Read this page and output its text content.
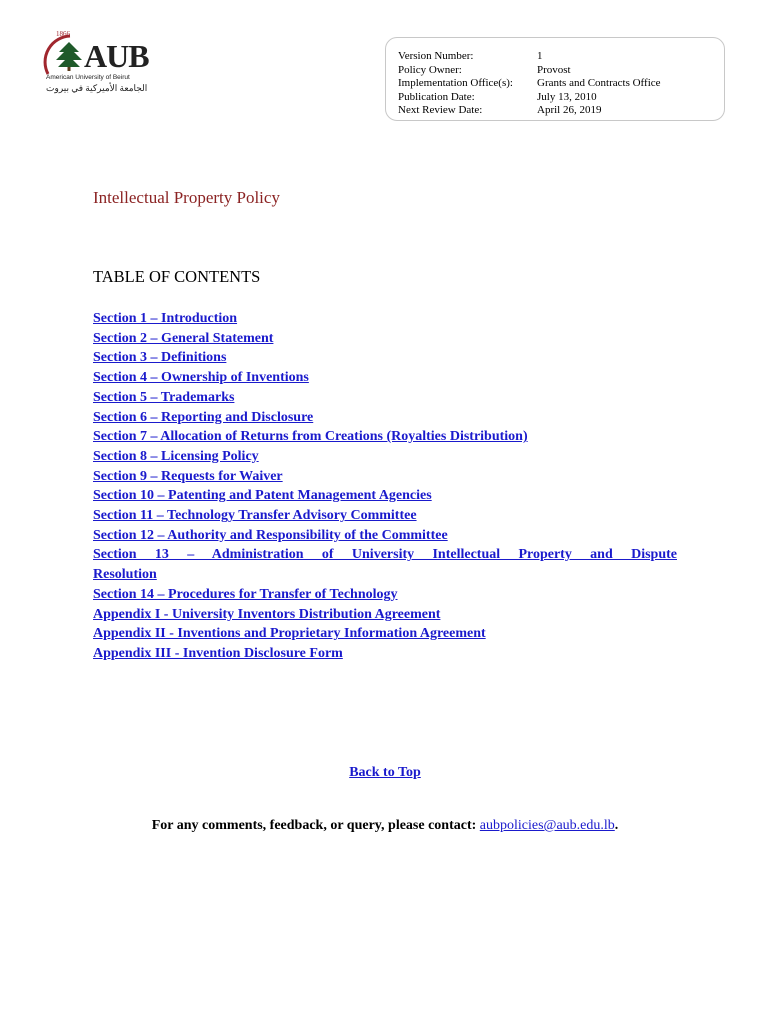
1866
AUB
American University of Beirut
الجامعة الأميركية في بيروت
Version Number:	1
Policy Owner:	Provost
Implementation Office(s):	Grants and Contracts Office
Publication Date:	July 13, 2010
Next Review Date:	April 26, 2019
Intellectual Property Policy
TABLE OF CONTENTS
Section 1 – Introduction
Section 2 – General Statement
Section 3 – Definitions
Section 4 – Ownership of Inventions
Section 5 – Trademarks
Section 6 – Reporting and Disclosure
Section 7 – Allocation of Returns from Creations (Royalties Distribution)
Section 8 – Licensing Policy
Section 9 – Requests for Waiver
Section 10 – Patenting and Patent Management Agencies
Section 11 – Technology Transfer Advisory Committee
Section 12 – Authority and Responsibility of the Committee
Section 13 – Administration of University Intellectual Property and Dispute
Resolution
Section 14 – Procedures for Transfer of Technology
Appendix I - University Inventors Distribution Agreement
Appendix II - Inventions and Proprietary Information Agreement
Appendix III - Invention Disclosure Form
Back to Top
For any comments, feedback, or query, please contact: aubpolicies@aub.edu.lb.
